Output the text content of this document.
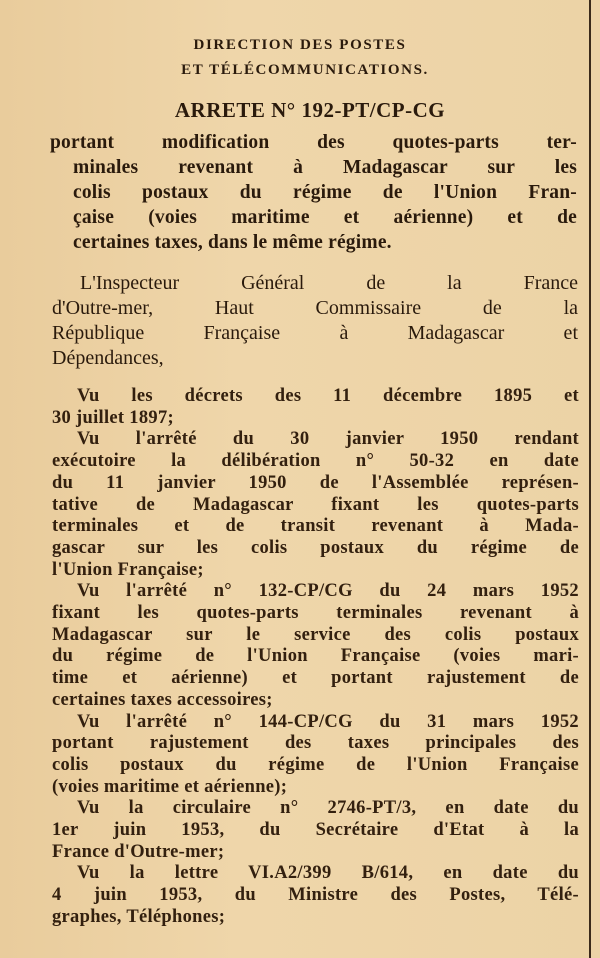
DIRECTION DES POSTES
ET TÉLÉCOMMUNICATIONS.
ARRETE N° 192-PT/CP-CG
portant modification des quotes-parts ter-
minales revenant à Madagascar sur les
colis postaux du régime de l'Union Fran-
çaise (voies maritime et aérienne) et de
certaines taxes, dans le même régime.
L'Inspecteur Général de la France
d'Outre-mer, Haut Commissaire de la
République Française à Madagascar et
Dépendances,
Vu les décrets des 11 décembre 1895 et
30 juillet 1897;
Vu l'arrêté du 30 janvier 1950 rendant
exécutoire la délibération n° 50-32 en date
du 11 janvier 1950 de l'Assemblée représen-
tative de Madagascar fixant les quotes-parts
terminales et de transit revenant à Mada-
gascar sur les colis postaux du régime de
l'Union Française;
Vu l'arrêté n° 132-CP/CG du 24 mars 1952
fixant les quotes-parts terminales revenant à
Madagascar sur le service des colis postaux
du régime de l'Union Française (voies mari-
time et aérienne) et portant rajustement de
certaines taxes accessoires;
Vu l'arrêté n° 144-CP/CG du 31 mars 1952
portant rajustement des taxes principales des
colis postaux du régime de l'Union Française
(voies maritime et aérienne);
Vu la circulaire n° 2746-PT/3, en date du
1er juin 1953, du Secrétaire d'Etat à la
France d'Outre-mer;
Vu la lettre VI.A2/399 B/614, en date du
4 juin 1953, du Ministre des Postes, Télé-
graphes, Téléphones;
